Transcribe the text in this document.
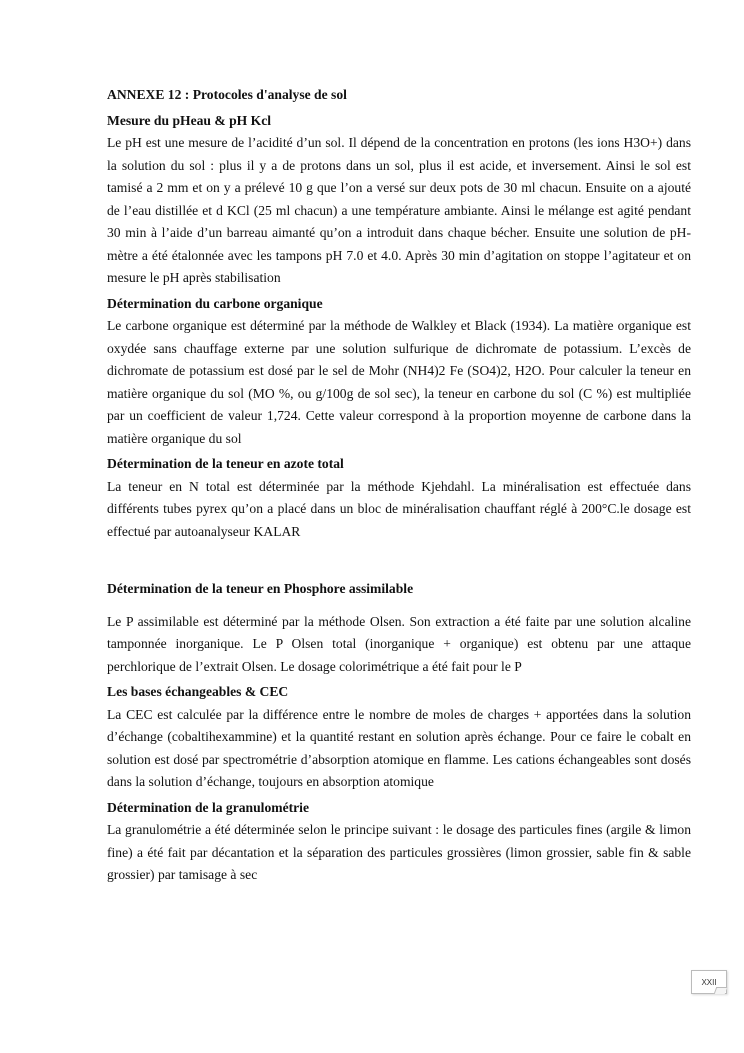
ANNEXE 12 : Protocoles d'analyse de sol

Mesure du pHeau & pH Kcl

Le pH est une mesure de l’acidité d’un sol. Il dépend de la concentration en protons (les ions H3O+) dans la solution du sol : plus il y a de protons dans un sol, plus il est acide, et inversement. Ainsi le sol est tamisé a 2 mm et on y a prélevé 10 g que l’on a versé sur deux pots de 30 ml chacun. Ensuite on a ajouté de l’eau distillée et d KCl (25 ml chacun) a une température ambiante. Ainsi le mélange est agité pendant 30 min à l’aide d’un barreau aimanté qu’on a introduit dans chaque bécher. Ensuite une solution de pH-mètre a été étalonnée avec les tampons pH 7.0 et 4.0. Après 30 min d’agitation on stoppe l’agitateur et on mesure le pH après stabilisation

Détermination du carbone organique

Le carbone organique est déterminé par la méthode de Walkley et Black (1934). La matière organique est oxydée sans chauffage externe par une solution sulfurique de dichromate de potassium. L’excès de dichromate de potassium est dosé par le sel de Mohr (NH4)2 Fe (SO4)2, H2O. Pour calculer la teneur en matière organique du sol (MO %, ou g/100g de sol sec), la teneur en carbone du sol (C %) est multipliée par un coefficient de valeur 1,724. Cette valeur correspond à la proportion moyenne de carbone dans la matière organique du sol

Détermination de la teneur en azote total

La teneur en N total est déterminée par la méthode Kjehdahl. La minéralisation est effectuée dans différents tubes pyrex qu’on a placé dans un bloc de minéralisation chauffant réglé à 200°C.le dosage est effectué par autoanalyseur KALAR

Détermination de la teneur en Phosphore assimilable

Le P assimilable est déterminé par la méthode Olsen. Son extraction a été faite par une solution alcaline tamponnée inorganique. Le P Olsen total (inorganique + organique) est obtenu par une attaque perchlorique de l’extrait Olsen. Le dosage colorimétrique a été fait pour le P

Les bases échangeables & CEC

La CEC est calculée par la différence entre le nombre de moles de charges + apportées dans la solution d’échange (cobaltihexammine) et la quantité restant en solution après échange. Pour ce faire le cobalt en solution est dosé par spectrométrie d’absorption atomique en flamme. Les cations échangeables sont dosés dans la solution d’échange, toujours en absorption atomique

Détermination de la granulométrie

La granulométrie a été déterminée selon le principe suivant : le dosage des particules fines (argile & limon fine) a été fait par décantation et la séparation des particules grossières (limon grossier, sable fin & sable grossier) par tamisage à sec

XXII
